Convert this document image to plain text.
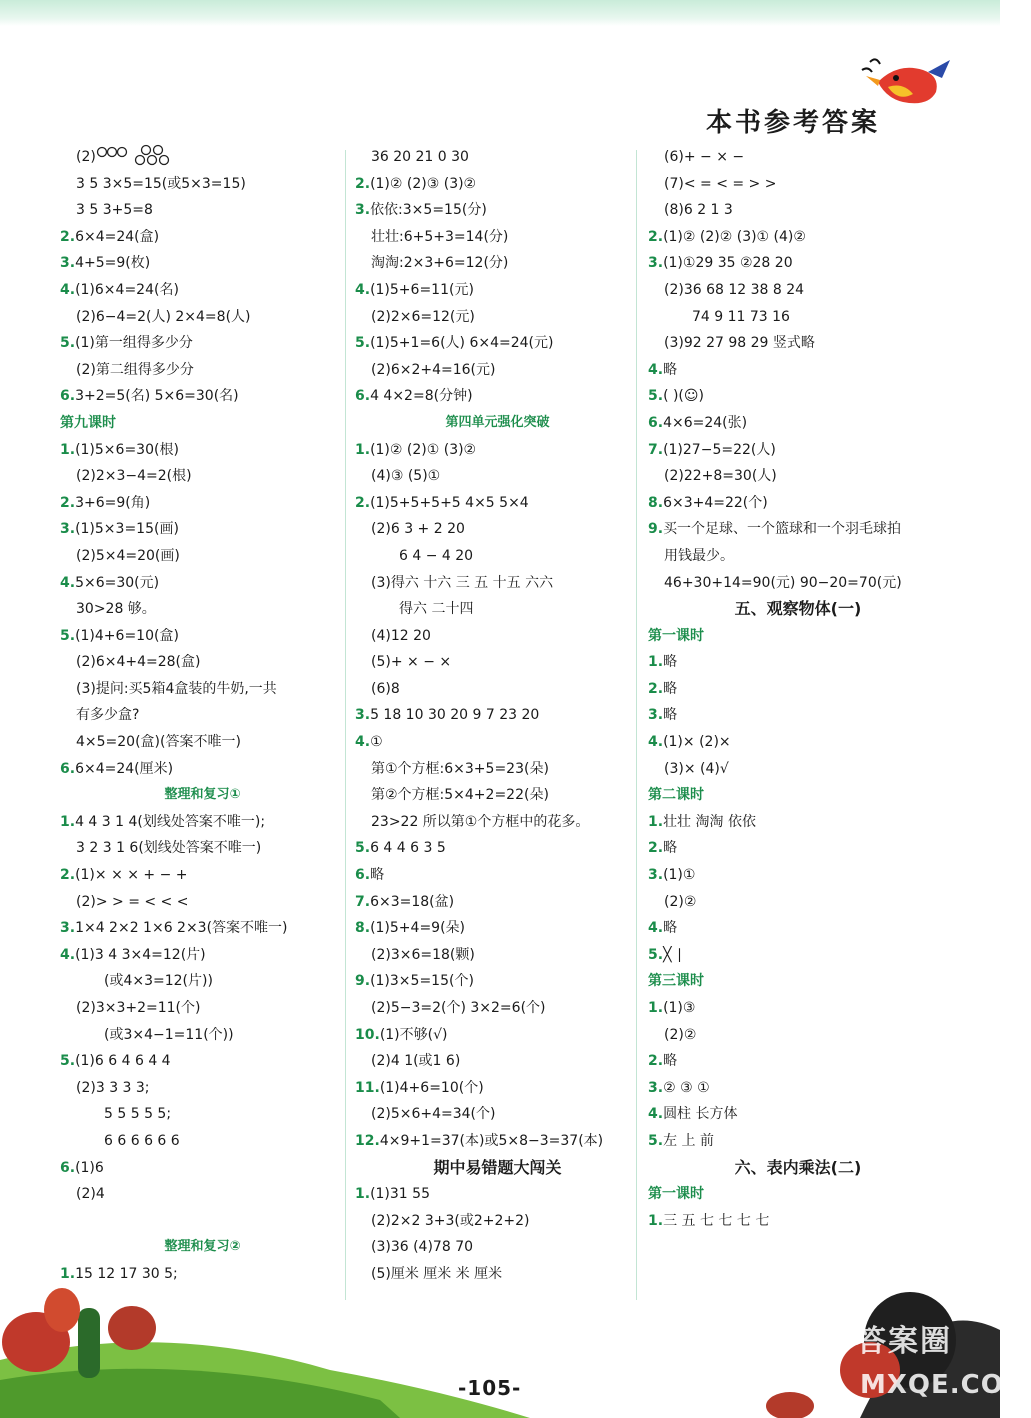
本书参考答案
(2)
3 5 3×5=15(或5×3=15)
3 5 3+5=8
2.6×4=24(盒)
3.4+5=9(枚)
4.(1)6×4=24(名)
(2)6−4=2(人) 2×4=8(人)
5.(1)第一组得多少分
(2)第二组得多少分
6.3+2=5(名) 5×6=30(名)
第九课时
1.(1)5×6=30(根)
(2)2×3−4=2(根)
2.3+6=9(角)
3.(1)5×3=15(画)
(2)5×4=20(画)
4.5×6=30(元)
30>28 够。
5.(1)4+6=10(盒)
(2)6×4+4=28(盒)
(3)提问:买5箱4盒装的牛奶,一共
有多少盒?
4×5=20(盒)(答案不唯一)
6.6×4=24(厘米)
整理和复习①
1.4 4 3 1 4(划线处答案不唯一);
3 2 3 1 6(划线处答案不唯一)
2.(1)× × × + − +
(2)> > = < < <
3.1×4 2×2 1×6 2×3(答案不唯一)
4.(1)3 4 3×4=12(片)
(或4×3=12(片))
(2)3×3+2=11(个)
(或3×4−1=11(个))
5.(1)6 6 4 6 4 4
(2)3 3 3 3;
5 5 5 5 5;
6 6 6 6 6 6
6.(1)6
(2)4
整理和复习②
1.15 12 17 30 5;
36 20 21 0 30
2.(1)② (2)③ (3)②
3.依依:3×5=15(分)
壮壮:6+5+3=14(分)
淘淘:2×3+6=12(分)
4.(1)5+6=11(元)
(2)2×6=12(元)
5.(1)5+1=6(人) 6×4=24(元)
(2)6×2+4=16(元)
6.4 4×2=8(分钟)
第四单元强化突破
1.(1)② (2)① (3)②
(4)③ (5)①
2.(1)5+5+5+5 4×5 5×4
(2)6 3 + 2 20
6 4 − 4 20
(3)得六 十六 三 五 十五 六六
得六 二十四
(4)12 20
(5)+ × − ×
(6)8
3.5 18 10 30 20 9 7 23 20
4.①
第①个方框:6×3+5=23(朵)
第②个方框:5×4+2=22(朵)
23>22 所以第①个方框中的花多。
5.6 4 4 6 3 5
6.略
7.6×3=18(盆)
8.(1)5+4=9(朵)
(2)3×6=18(颗)
9.(1)3×5=15(个)
(2)5−3=2(个) 3×2=6(个)
10.(1)不够(√)
(2)4 1(或1 6)
11.(1)4+6=10(个)
(2)5×6+4=34(个)
12.4×9+1=37(本)或5×8−3=37(本)
期中易错题大闯关
1.(1)31 55
(2)2×2 3+3(或2+2+2)
(3)36 (4)78 70
(5)厘米 厘米 米 厘米
(6)+ − × −
(7)< = < = > >
(8)6 2 1 3
2.(1)② (2)② (3)① (4)②
3.(1)①29 35 ②28 20
(2)36 68 12 38 8 24
74 9 11 73 16
(3)92 27 98 29 竖式略
4.略
5.( )(☺)
6.4×6=24(张)
7.(1)27−5=22(人)
(2)22+8=30(人)
8.6×3+4=22(个)
9.买一个足球、一个篮球和一个羽毛球拍
用钱最少。
46+30+14=90(元) 90−20=70(元)
五、观察物体(一)
第一课时
1.略
2.略
3.略
4.(1)× (2)×
(3)× (4)√
第二课时
1.壮壮 淘淘 依依
2.略
3.(1)①
(2)②
4.略
5.╳ ∣
第三课时
1.(1)③
(2)②
2.略
3.② ③ ①
4.圆柱 长方体
5.左 上 前
六、表内乘法(二)
第一课时
1.三 五 七 七 七 七
答案圈
MXQE.COM
-105-
